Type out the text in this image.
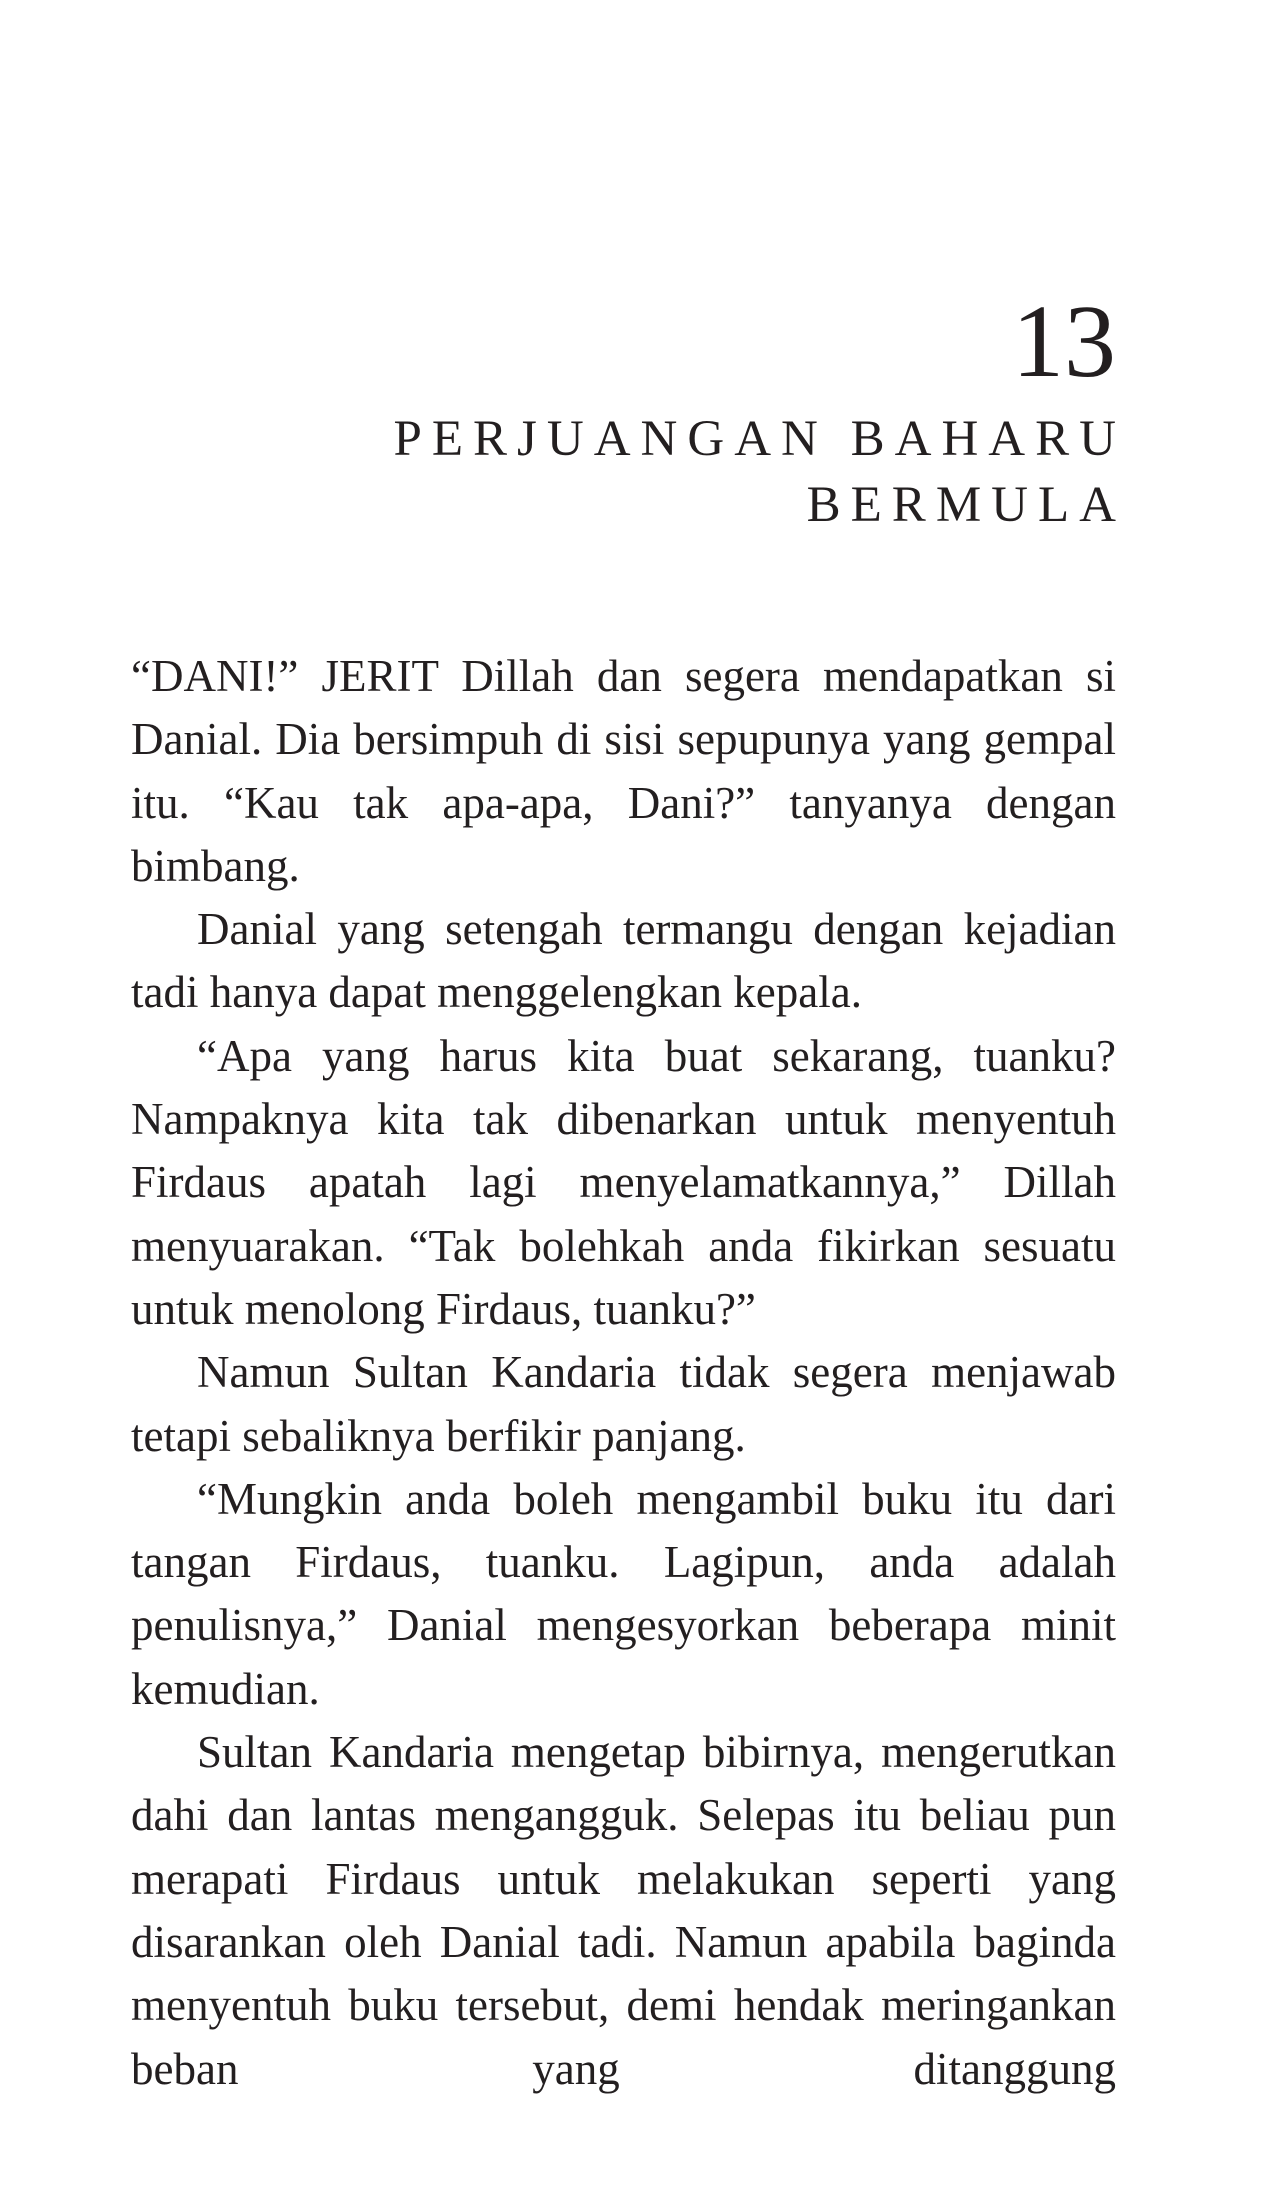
13
PERJUANGAN BAHARU
BERMULA

“DANI!” JERIT Dillah dan segera mendapatkan si Danial. Dia bersimpuh di sisi sepupunya yang gempal itu. “Kau tak apa-apa, Dani?” tanyanya dengan bimbang.

Danial yang setengah termangu dengan kejadian tadi hanya dapat menggelengkan kepala.

“Apa yang harus kita buat sekarang, tuanku? Nampaknya kita tak dibenarkan untuk menyentuh Firdaus apatah lagi menyelamatkannya,” Dillah menyuarakan. “Tak bolehkah anda fikirkan sesuatu untuk menolong Firdaus, tuanku?”

Namun Sultan Kandaria tidak segera menjawab tetapi sebaliknya berfikir panjang.

“Mungkin anda boleh mengambil buku itu dari tangan Firdaus, tuanku. Lagipun, anda adalah penulisnya,” Danial mengesyorkan beberapa minit kemudian.

Sultan Kandaria mengetap bibirnya, mengerutkan dahi dan lantas mengangguk. Selepas itu beliau pun merapati Firdaus untuk melakukan seperti yang disarankan oleh Danial tadi. Namun apabila baginda menyentuh buku tersebut, demi hendak meringankan beban yang ditanggung
